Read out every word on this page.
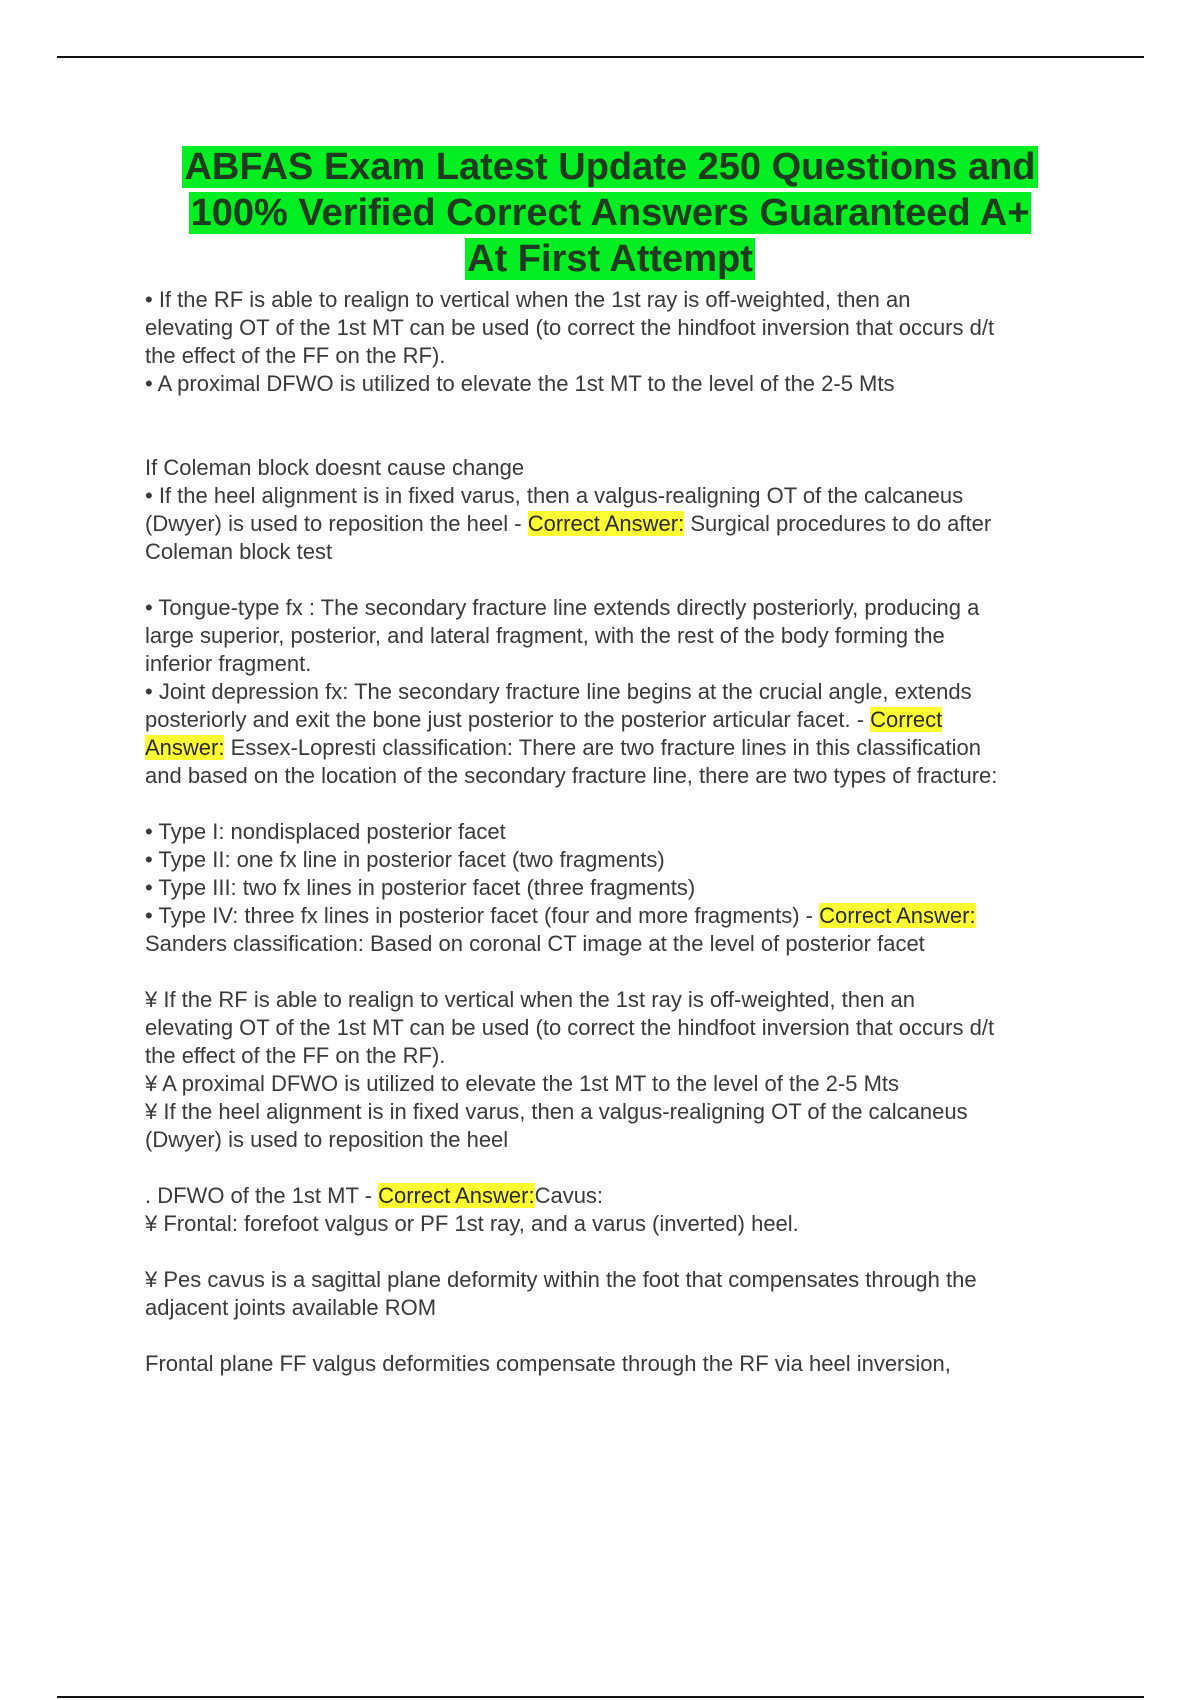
ABFAS Exam Latest Update 250 Questions and
100% Verified Correct Answers Guaranteed A+
At First Attempt
• If the RF is able to realign to vertical when the 1st ray is off-weighted, then an
elevating OT of the 1st MT can be used (to correct the hindfoot inversion that occurs d/t
the effect of the FF on the RF).
• A proximal DFWO is utilized to elevate the 1st MT to the level of the 2-5 Mts
If Coleman block doesnt cause change
• If the heel alignment is in fixed varus, then a valgus-realigning OT of the calcaneus
(Dwyer) is used to reposition the heel - Correct Answer: Surgical procedures to do after
Coleman block test
• Tongue-type fx : The secondary fracture line extends directly posteriorly, producing a
large superior, posterior, and lateral fragment, with the rest of the body forming the
inferior fragment.
• Joint depression fx: The secondary fracture line begins at the crucial angle, extends
posteriorly and exit the bone just posterior to the posterior articular facet. - Correct
Answer: Essex-Lopresti classification: There are two fracture lines in this classification
and based on the location of the secondary fracture line, there are two types of fracture:
• Type I: nondisplaced posterior facet
• Type II: one fx line in posterior facet (two fragments)
• Type III: two fx lines in posterior facet (three fragments)
• Type IV: three fx lines in posterior facet (four and more fragments) - Correct Answer:
Sanders classification: Based on coronal CT image at the level of posterior facet
¥ If the RF is able to realign to vertical when the 1st ray is off-weighted, then an
elevating OT of the 1st MT can be used (to correct the hindfoot inversion that occurs d/t
the effect of the FF on the RF).
¥ A proximal DFWO is utilized to elevate the 1st MT to the level of the 2-5 Mts
¥ If the heel alignment is in fixed varus, then a valgus-realigning OT of the calcaneus
(Dwyer) is used to reposition the heel
. DFWO of the 1st MT - Correct Answer:Cavus:
¥ Frontal: forefoot valgus or PF 1st ray, and a varus (inverted) heel.
¥ Pes cavus is a sagittal plane deformity within the foot that compensates through the
adjacent joints available ROM
Frontal plane FF valgus deformities compensate through the RF via heel inversion,
